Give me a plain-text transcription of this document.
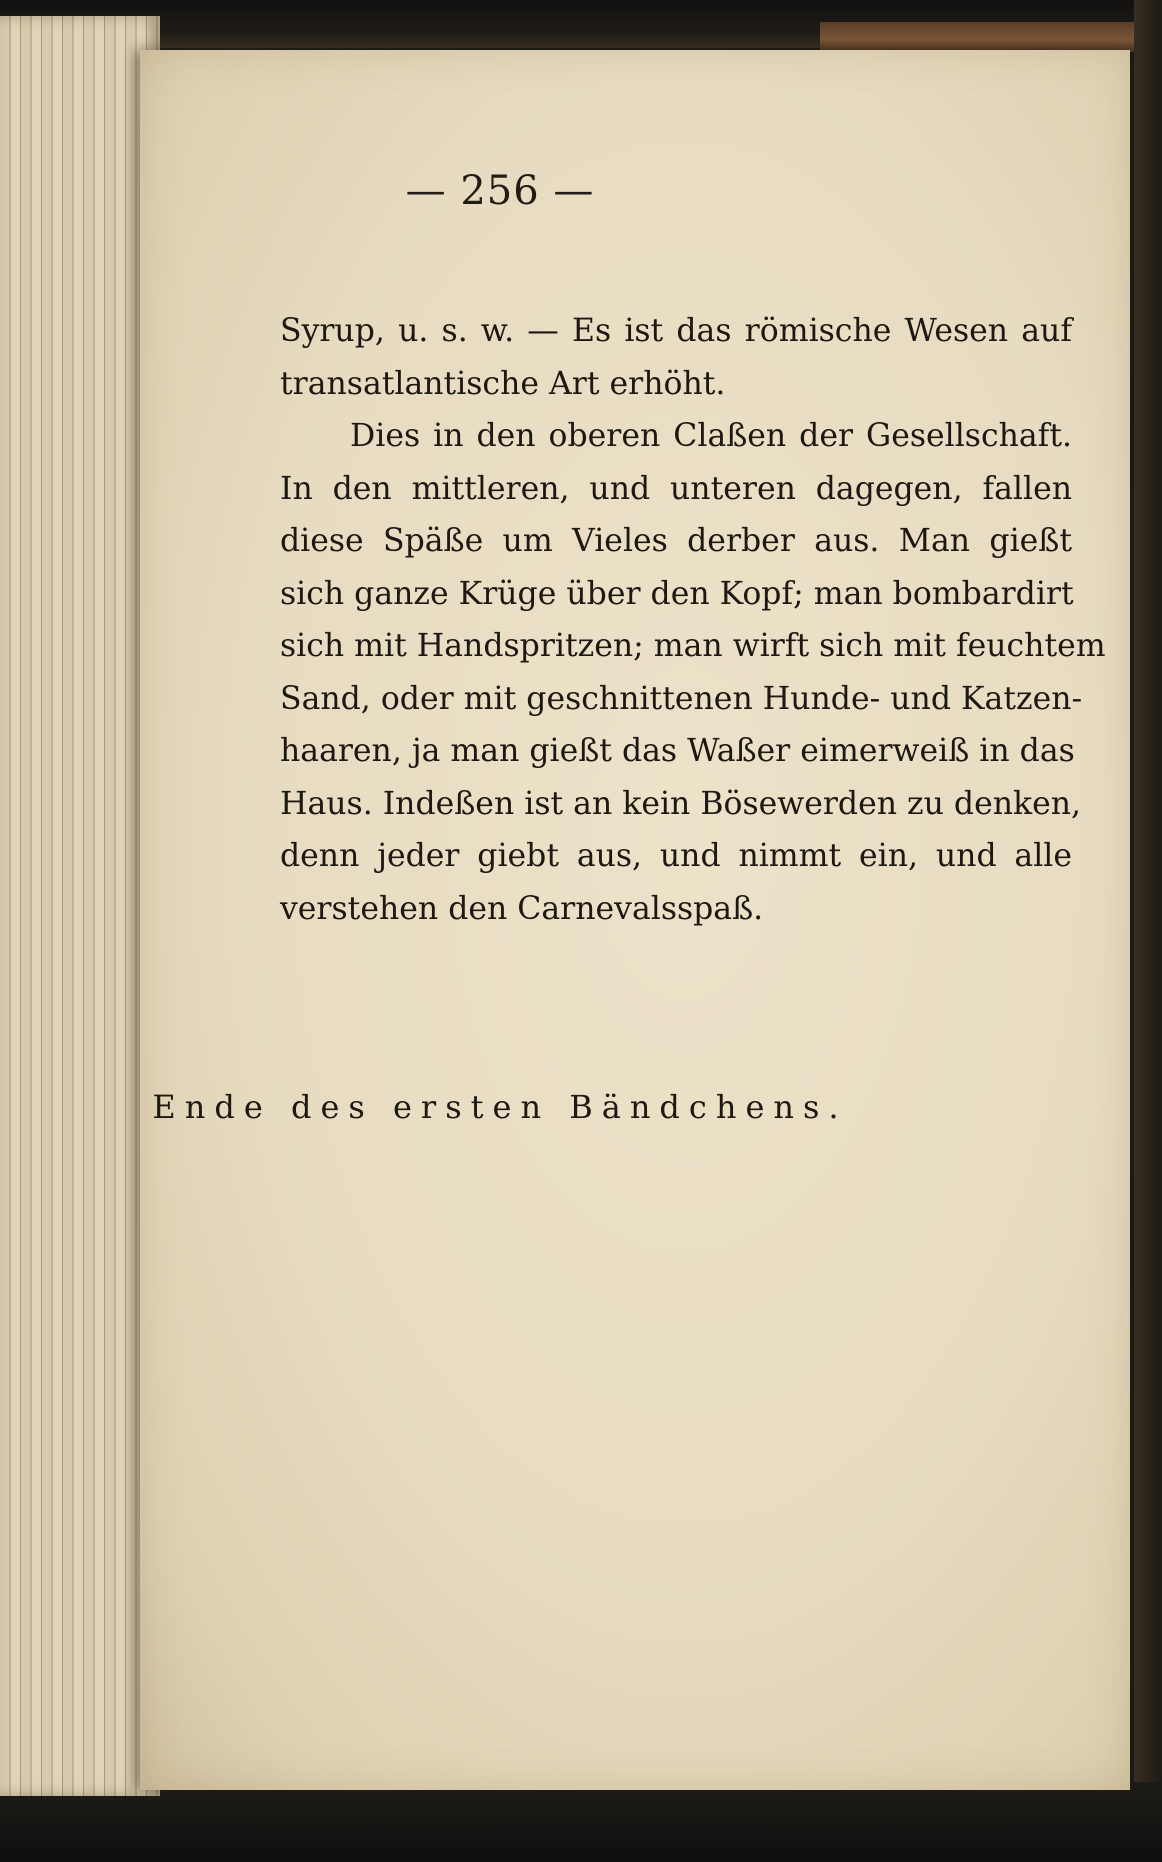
— 256 —

Syrup, u. s. w. — Es ist das römische Wesen auf
transatlantische Art erhöht.

Dies in den oberen Claßen der Gesellschaft.
In den mittleren, und unteren dagegen, fallen
diese Späße um Vieles derber aus. Man gießt
sich ganze Krüge über den Kopf; man bombardirt
sich mit Handspritzen; man wirft sich mit feuchtem
Sand, oder mit geschnittenen Hunde- und Katzen-
haaren, ja man gießt das Waßer eimerweiß in das
Haus. Indeßen ist an kein Bösewerden zu denken,
denn jeder giebt aus, und nimmt ein, und alle
verstehen den Carnevalsspaß.

Ende des ersten Bändchens.
